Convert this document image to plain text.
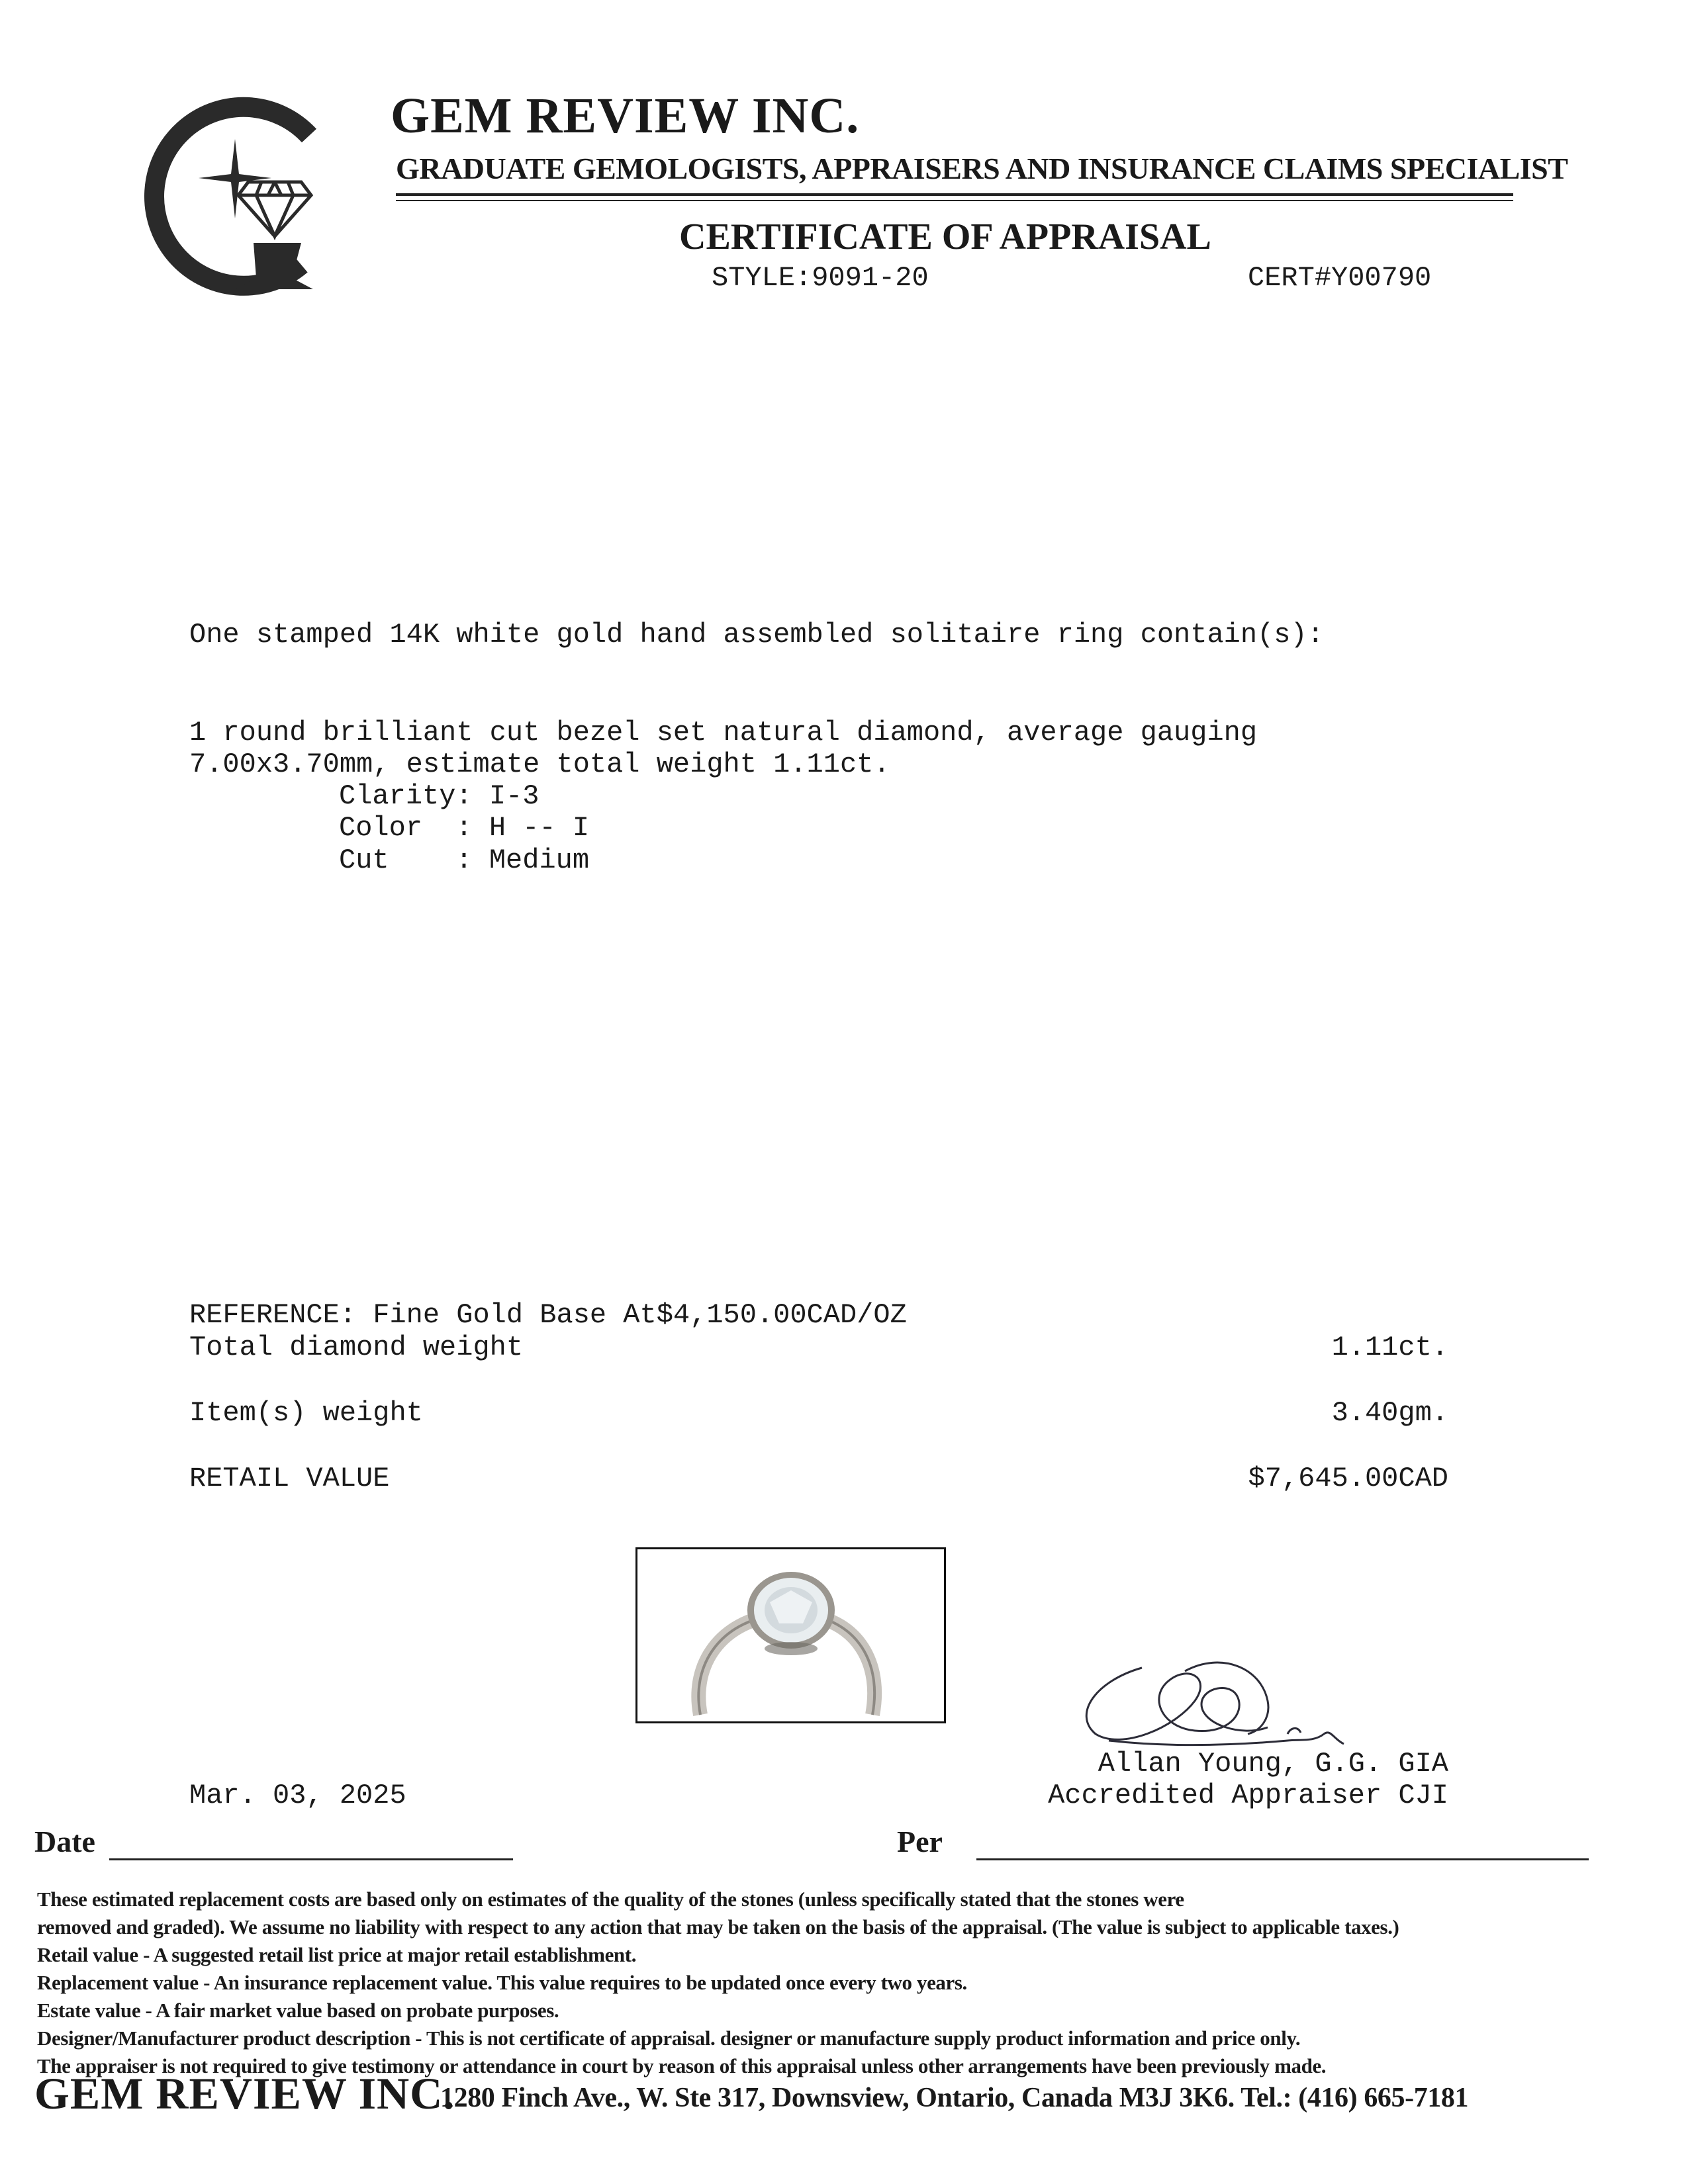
GEM REVIEW INC.
GRADUATE GEMOLOGISTS, APPRAISERS AND INSURANCE CLAIMS SPECIALIST
CERTIFICATE OF APPRAISAL
STYLE:9091-20	CERT#Y00790
One stamped 14K white gold hand assembled solitaire ring contain(s):
1 round brilliant cut bezel set natural diamond, average gauging
7.00x3.70mm, estimate total weight 1.11ct.
Clarity: I-3
Color  : H -- I
Cut    : Medium
REFERENCE: Fine Gold Base At$4,150.00CAD/OZ
Total diamond weight	1.11ct.
Item(s) weight	3.40gm.
RETAIL VALUE	$7,645.00CAD
Allan Young, G.G. GIA
Accredited Appraiser CJI
Mar. 03, 2025
Date	Per
These estimated replacement costs are based only on estimates of the quality of the stones (unless specifically stated that the stones were
removed and graded). We assume no liability with respect to any action that may be taken on the basis of the appraisal. (The value is subject to applicable taxes.)
Retail value - A suggested retail list price at major retail establishment.
Replacement value - An insurance replacement value. This value requires to be updated once every two years.
Estate value - A fair market value based on probate purposes.
Designer/Manufacturer product description - This is not certificate of appraisal. designer or manufacture supply product information and price only.
The appraiser is not required to give testimony or attendance in court by reason of this appraisal unless other arrangements have been previously made.
GEM REVIEW INC.
1280 Finch Ave., W. Ste 317, Downsview, Ontario, Canada M3J 3K6. Tel.: (416) 665-7181
